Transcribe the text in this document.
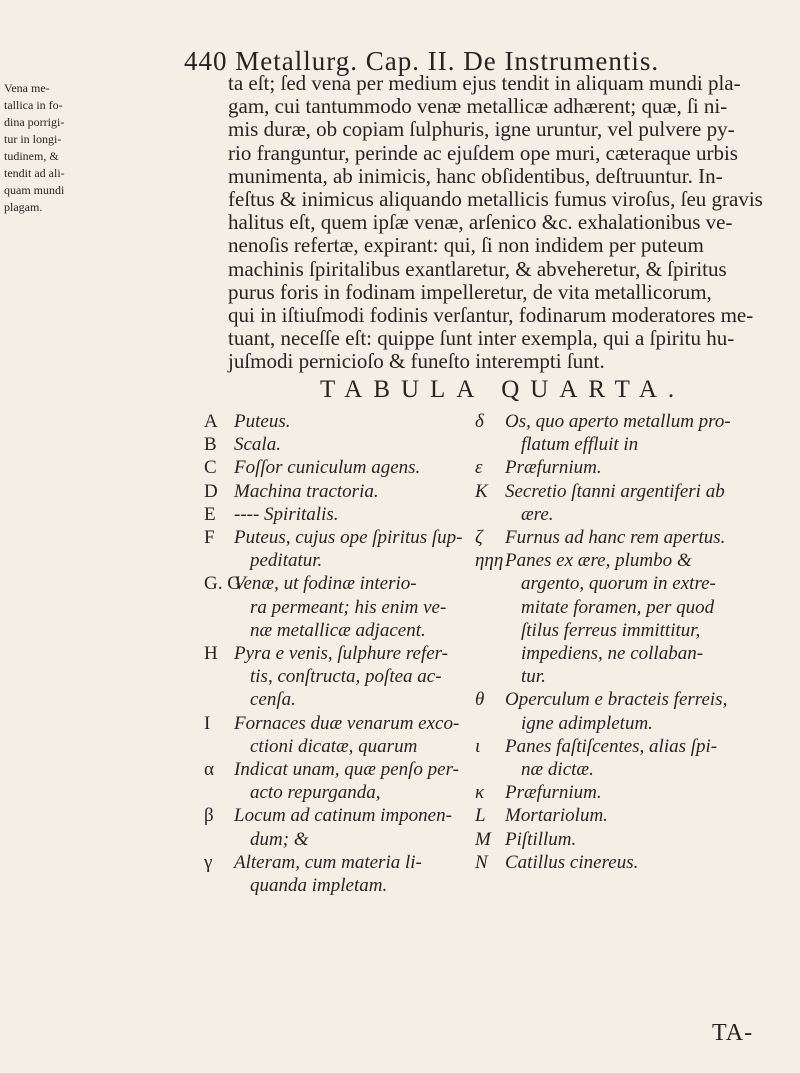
440 Metallurg. Cap. II. De Instrumentis.
Vena me-
tallica in fo-
dina porrigi-
tur in longi-
tudinem, &
tendit ad ali-
quam mundi
plagam.
ta eſt; ſed vena per medium ejus tendit in aliquam mundi pla-
gam, cui tantummodo venæ metallicæ adhærent; quæ, ſi ni-
mis duræ, ob copiam ſulphuris, igne uruntur, vel pulvere py-
rio franguntur, perinde ac ejuſdem ope muri, cæteraque urbis
munimenta, ab inimicis, hanc obſidentibus, deſtruuntur. In-
feſtus & inimicus aliquando metallicis fumus viroſus, ſeu gravis
halitus eſt, quem ipſæ venæ, arſenico &c. exhalationibus ve-
nenoſis refertæ, expirant: qui, ſi non indidem per puteum
machinis ſpiritalibus exantlaretur, & abveheretur, & ſpiritus
purus foris in fodinam impelleretur, de vita metallicorum,
qui in iſtiuſmodi fodinis verſantur, fodinarum moderatores me-
tuant, neceſſe eſt: quippe ſunt inter exempla, qui a ſpiritu hu-
juſmodi pernicioſo & funeſto interempti ſunt.
TABULA QUARTA.
A Puteus.
B Scala.
C Foſſor cuniculum agens.
D Machina tractoria.
E ---- Spiritalis.
F Puteus, cujus ope ſpiritus ſup-
peditatur.
G. G
Venæ, ut fodinæ interio-
ra permeant; his enim ve-
næ metallicæ adjacent.
H Pyra e venis, ſulphure refer-
tis, conſtructa, poſtea ac-
cenſa.
I Fornaces duæ venarum exco-
ctioni dicatæ, quarum
α Indicat unam, quæ penſo per-
acto repurganda,
β Locum ad catinum imponen-
dum; &
γ Alteram, cum materia li-
quanda impletam.
δ Os, quo aperto metallum pro-
flatum effluit in
ε Præfurnium.
K Secretio ſtanni argentiferi ab
ære.
ζ Furnus ad hanc rem apertus.
ηηη Panes ex ære, plumbo &
argento, quorum in extre-
mitate foramen, per quod
ſtilus ferreus immittitur,
impediens, ne collaban-
tur.
θ Operculum e bracteis ferreis,
igne adimpletum.
ι Panes faſtiſcentes, alias ſpi-
næ dictæ.
κ Præfurnium.
L Mortariolum.
M Piſtillum.
N Catillus cinereus.
TA-
